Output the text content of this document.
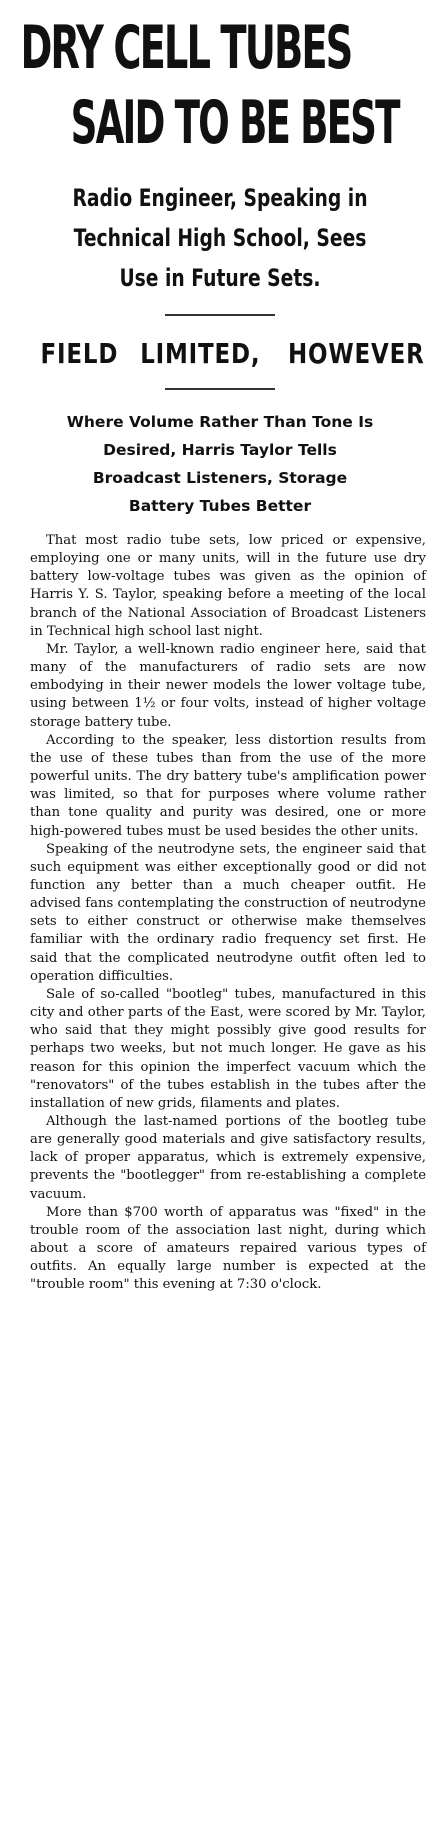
DRY CELL TUBES
SAID TO BE BEST
Radio Engineer, Speaking in
Technical High School, Sees
Use in Future Sets.
FIELD LIMITED, HOWEVER
Where Volume Rather Than Tone Is
Desired, Harris Taylor Tells
Broadcast Listeners, Storage
Battery Tubes Better

That most radio tube sets, low priced or expensive, employing one or many units, will in the future use dry battery low-voltage tubes was given as the opinion of Harris Y. S. Taylor, speaking before a meeting of the local branch of the National Association of Broadcast Listeners in Technical high school last night.

Mr. Taylor, a well-known radio engineer here, said that many of the manufacturers of radio sets are now embodying in their newer models the lower voltage tube, using between 1½ or four volts, instead of higher voltage storage battery tube.

According to the speaker, less distortion results from the use of these tubes than from the use of the more powerful units. The dry battery tube's amplification power was limited, so that for purposes where volume rather than tone quality and purity was desired, one or more high-powered tubes must be used besides the other units.

Speaking of the neutrodyne sets, the engineer said that such equipment was either exceptionally good or did not function any better than a much cheaper outfit. He advised fans contemplating the construction of neutrodyne sets to either construct or otherwise make themselves familiar with the ordinary radio frequency set first. He said that the complicated neutrodyne outfit often led to operation difficulties.

Sale of so-called "bootleg" tubes, manufactured in this city and other parts of the East, were scored by Mr. Taylor, who said that they might possibly give good results for perhaps two weeks, but not much longer. He gave as his reason for this opinion the imperfect vacuum which the "renovators" of the tubes establish in the tubes after the installation of new grids, filaments and plates.

Although the last-named portions of the bootleg tube are generally good materials and give satisfactory results, lack of proper apparatus, which is extremely expensive, prevents the "bootlegger" from re-establishing a complete vacuum.

More than $700 worth of apparatus was "fixed" in the trouble room of the association last night, during which about a score of amateurs repaired various types of outfits. An equally large number is expected at the "trouble room" this evening at 7:30 o'clock.
